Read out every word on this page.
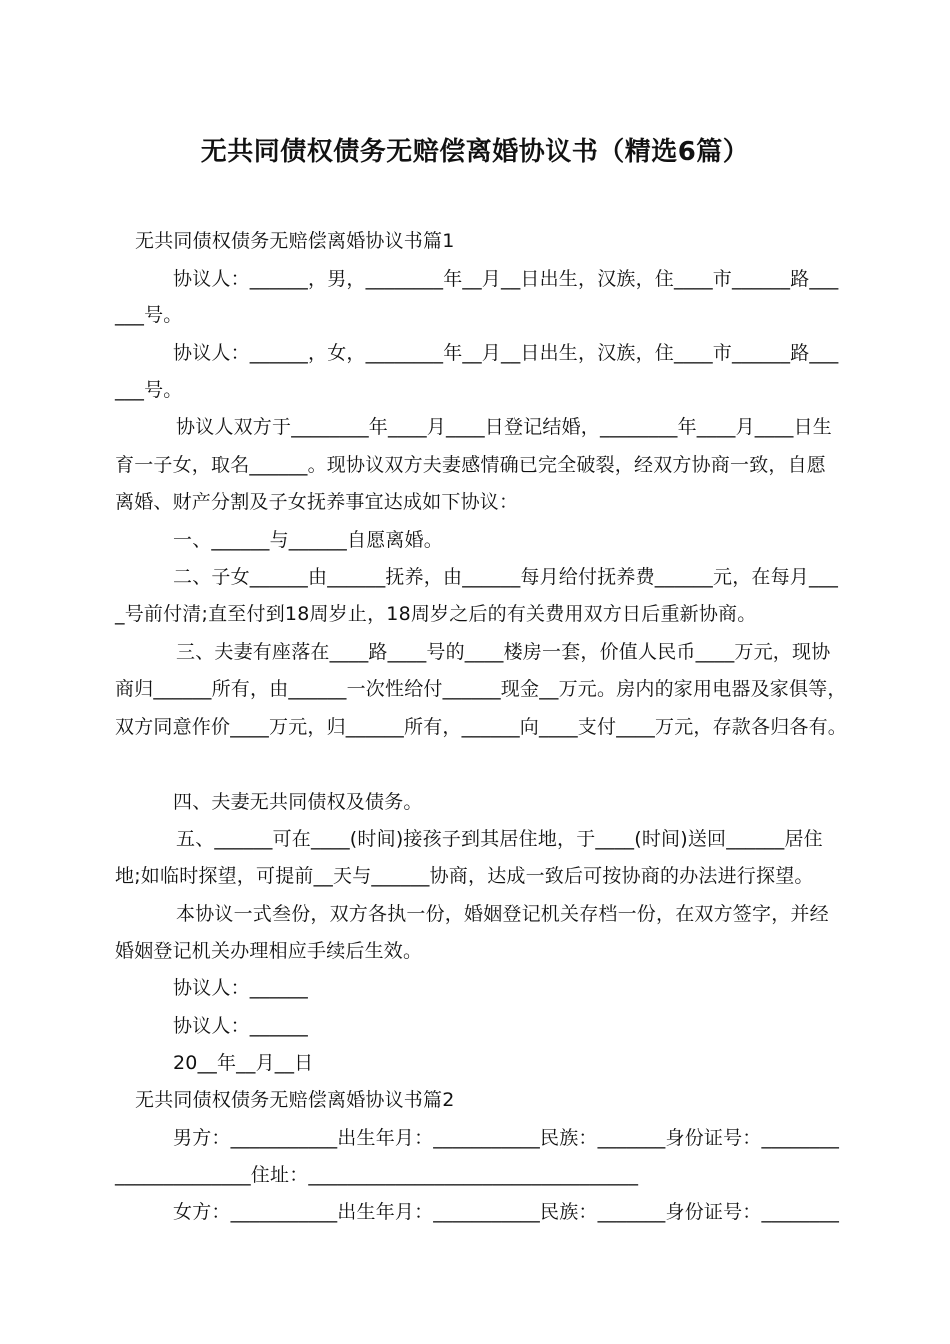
无共同债权债务无赔偿离婚协议书（精选6篇）
无共同债权债务无赔偿离婚协议书篇1
协议人：______，男，________年__月__日出生，汉族，住____市______路___
___号。
协议人：______，女，________年__月__日出生，汉族，住____市______路___
___号。
协议人双方于________年____月____日登记结婚，________年____月____日生
育一子女，取名______。现协议双方夫妻感情确已完全破裂，经双方协商一致，自愿
离婚、财产分割及子女抚养事宜达成如下协议：
一、______与______自愿离婚。
二、子女______由______抚养，由______每月给付抚养费______元，在每月___
_号前付清;直至付到18周岁止，18周岁之后的有关费用双方日后重新协商。
三、夫妻有座落在____路____号的____楼房一套，价值人民币____万元，现协
商归______所有，由______一次性给付______现金__万元。房内的家用电器及家俱等，
双方同意作价____万元，归______所有，______向____支付____万元，存款各归各有。
四、夫妻无共同债权及债务。
五、______可在____(时间)接孩子到其居住地，于____(时间)送回______居住
地;如临时探望，可提前__天与______协商，达成一致后可按协商的办法进行探望。
本协议一式叁份，双方各执一份，婚姻登记机关存档一份，在双方签字，并经
婚姻登记机关办理相应手续后生效。
协议人：______
协议人：______
20__年__月__日
无共同债权债务无赔偿离婚协议书篇2
男方：___________出生年月：___________民族：_______身份证号：________
______________住址：__________________________________
女方：___________出生年月：___________民族：_______身份证号：________
